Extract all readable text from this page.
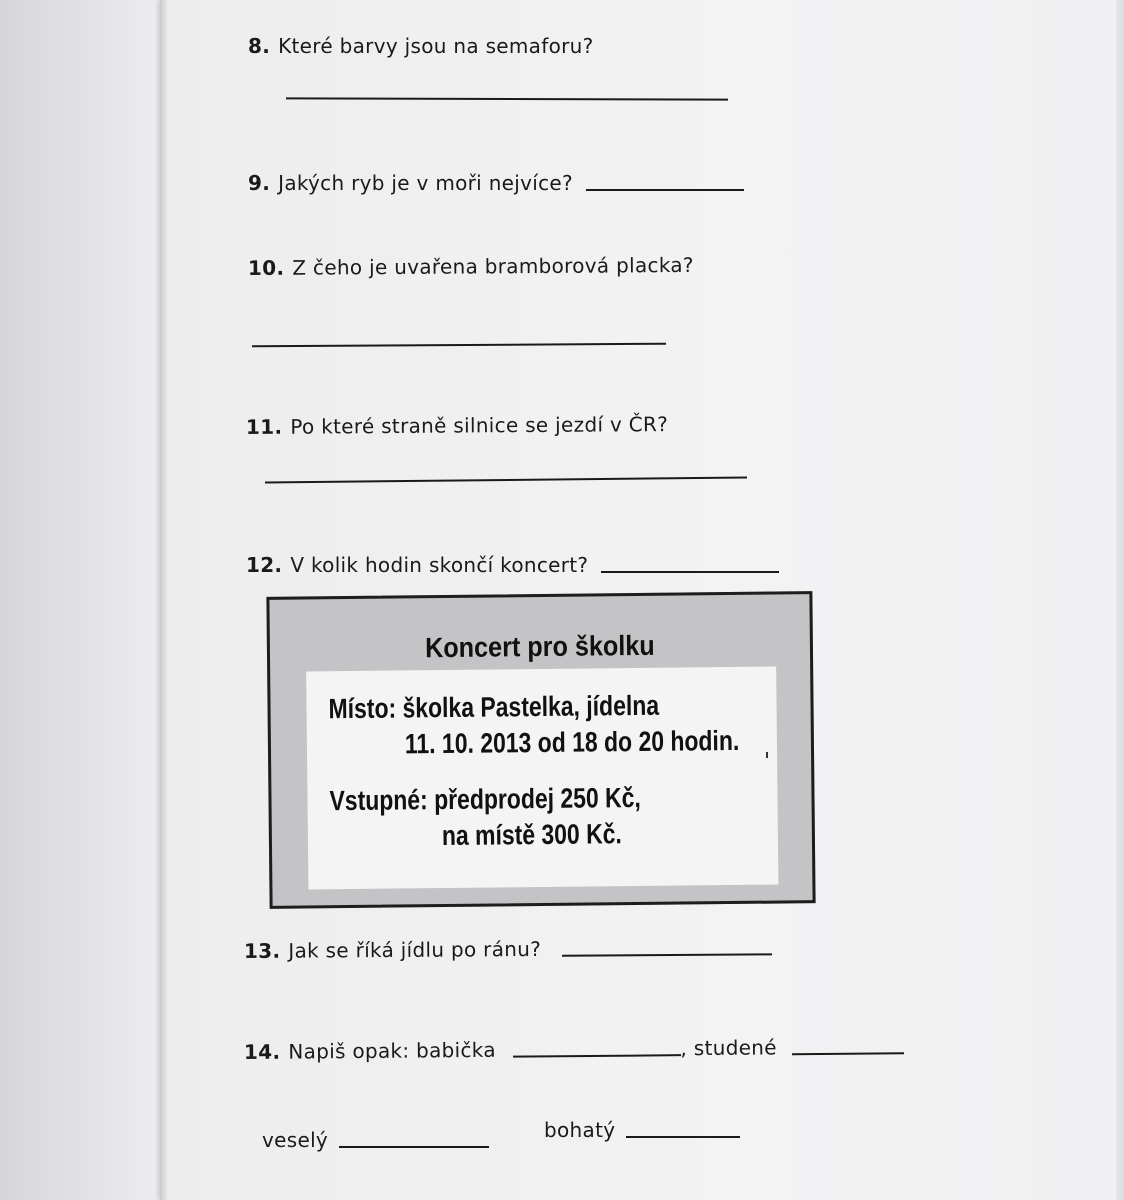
8. Které barvy jsou na semaforu?
9. Jakých ryb je v moři nejvíce?
10. Z čeho je uvařena bramborová placka?
11. Po které straně silnice se jezdí v ČR?
12. V kolik hodin skončí koncert?
Koncert pro školku
Místo: školka Pastelka, jídelna
11. 10. 2013 od 18 do 20 hodin.
Vstupné: předprodej 250 Kč,
na místě 300 Kč.
13. Jak se říká jídlu po ránu?
14. Napiš opak: babička	, studené
veselý	bohatý
